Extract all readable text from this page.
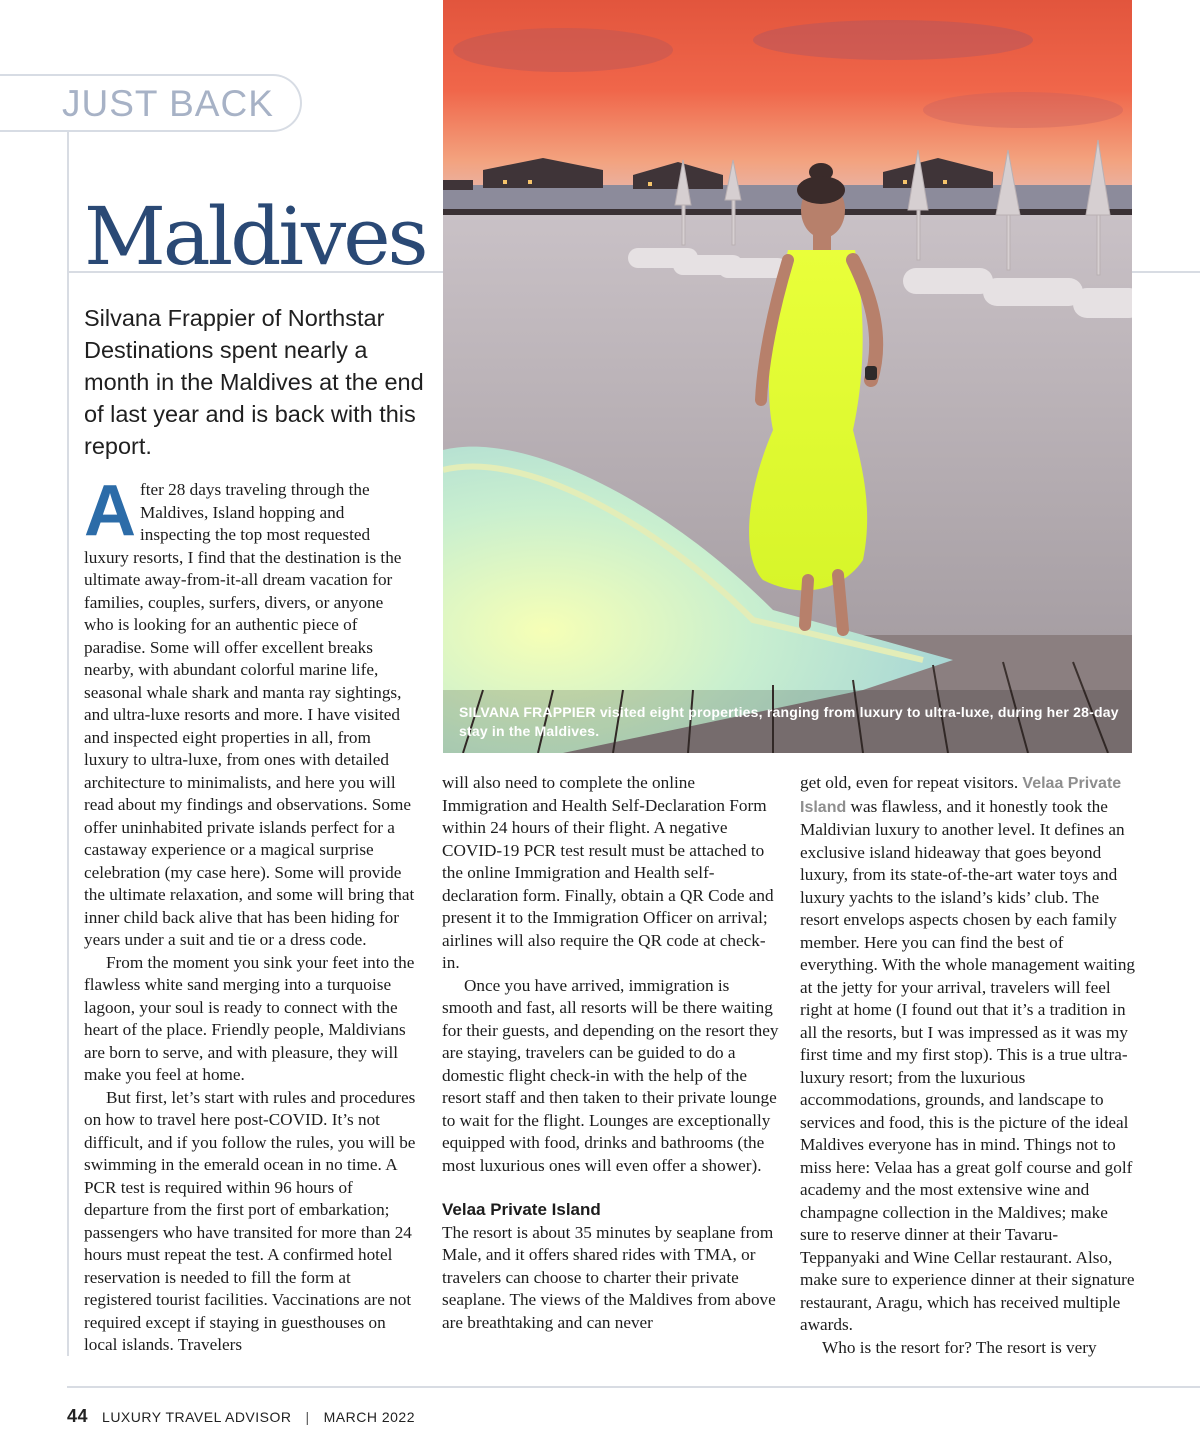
JUST BACK
Maldives
Silvana Frappier of Northstar Destinations spent nearly a month in the Maldives at the end of last year and is back with this report.
SILVANA FRAPPIER visited eight properties, ranging from luxury to ultra-luxe, during her 28-day stay in the Maldives.

After 28 days traveling through the Maldives, Island hopping and inspecting the top most requested luxury resorts, I find that the destination is the ultimate away-from-it-all dream vacation for families, couples, surfers, divers, or anyone who is looking for an authentic piece of paradise. Some will offer excellent breaks nearby, with abundant colorful marine life, seasonal whale shark and manta ray sightings, and ultra-luxe resorts and more. I have visited and inspected eight properties in all, from luxury to ultra-luxe, from ones with detailed architecture to minimalists, and here you will read about my findings and observations. Some offer uninhabited private islands perfect for a castaway experience or a magical surprise celebration (my case here). Some will provide the ultimate relaxation, and some will bring that inner child back alive that has been hiding for years under a suit and tie or a dress code.

From the moment you sink your feet into the flawless white sand merging into a turquoise lagoon, your soul is ready to connect with the heart of the place. Friendly people, Maldivians are born to serve, and with pleasure, they will make you feel at home.

But first, let’s start with rules and procedures on how to travel here post-COVID. It’s not difficult, and if you follow the rules, you will be swimming in the emerald ocean in no time. A PCR test is required within 96 hours of departure from the first port of embarkation; passengers who have transited for more than 24 hours must repeat the test. A confirmed hotel reservation is needed to fill the form at registered tourist facilities. Vaccinations are not required except if staying in guesthouses on local islands. Travelers

will also need to complete the online Immigration and Health Self-Declaration Form within 24 hours of their flight. A negative COVID-19 PCR test result must be attached to the online Immigration and Health self-declaration form. Finally, obtain a QR Code and present it to the Immigration Officer on arrival; airlines will also require the QR code at check-in.

Once you have arrived, immigration is smooth and fast, all resorts will be there waiting for their guests, and depending on the resort they are staying, travelers can be guided to do a domestic flight check-in with the help of the resort staff and then taken to their private lounge to wait for the flight. Lounges are exceptionally equipped with food, drinks and bathrooms (the most luxurious ones will even offer a shower).

Velaa Private Island

The resort is about 35 minutes by seaplane from Male, and it offers shared rides with TMA, or travelers can choose to charter their private seaplane. The views of the Maldives from above are breathtaking and can never

get old, even for repeat visitors. Velaa Private Island was flawless, and it honestly took the Maldivian luxury to another level. It defines an exclusive island hideaway that goes beyond luxury, from its state-of-the-art water toys and luxury yachts to the island’s kids’ club. The resort envelops aspects chosen by each family member. Here you can find the best of everything. With the whole management waiting at the jetty for your arrival, travelers will feel right at home (I found out that it’s a tradition in all the resorts, but I was impressed as it was my first time and my first stop). This is a true ultra-luxury resort; from the luxurious accommodations, grounds, and landscape to services and food, this is the picture of the ideal Maldives everyone has in mind. Things not to miss here: Velaa has a great golf course and golf academy and the most extensive wine and champagne collection in the Maldives; make sure to reserve dinner at their Tavaru-Teppanyaki and Wine Cellar restaurant. Also, make sure to experience dinner at their signature restaurant, Aragu, which has received multiple awards.

Who is the resort for? The resort is very

44 LUXURY TRAVEL ADVISOR | MARCH 2022
